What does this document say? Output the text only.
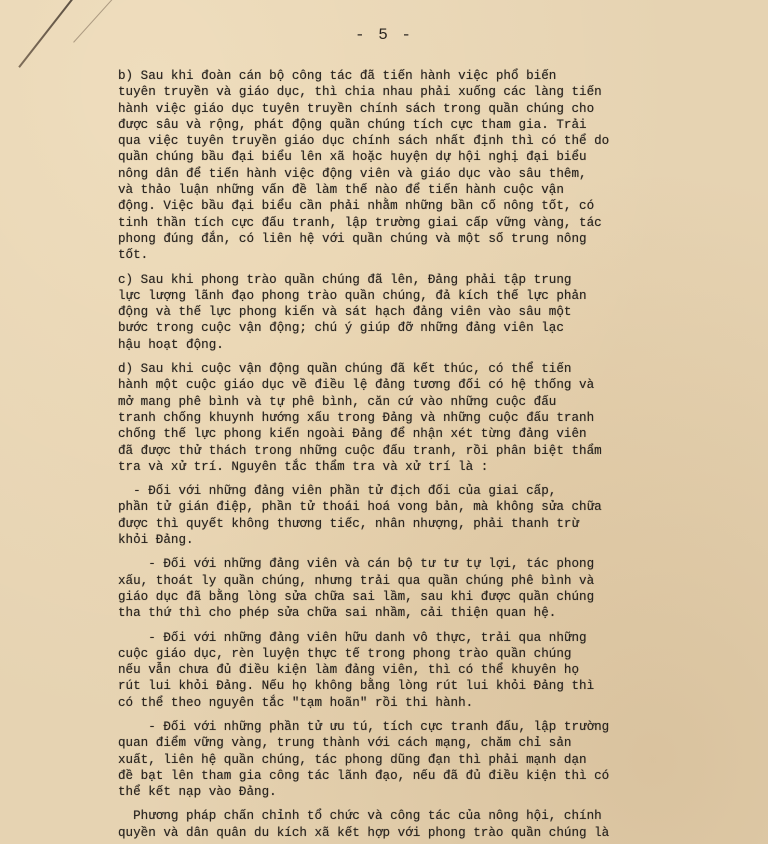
- 5 -
b) Sau khi đoàn cán bộ công tác đã tiến hành việc phổ biến
tuyên truyền và giáo dục, thì chia nhau phải xuống các làng tiến
hành việc giáo dục tuyên truyền chính sách trong quần chúng cho
được sâu và rộng, phát động quần chúng tích cực tham gia. Trải
qua việc tuyên truyền giáo dục chính sách nhất định thì có thể do
quần chúng bầu đại biểu lên xã hoặc huyện dự hội nghị đại biểu
nông dân để tiến hành việc động viên và giáo dục vào sâu thêm,
và thảo luận những vấn đề làm thế nào để tiến hành cuộc vận
động. Việc bầu đại biểu cần phải nhằm những bần cố nông tốt, có
tinh thần tích cực đấu tranh, lập trường giai cấp vững vàng, tác
phong đúng đắn, có liên hệ với quần chúng và một số trung nông
tốt.
c) Sau khi phong trào quần chúng đã lên, Đảng phải tập trung
lực lượng lãnh đạo phong trào quần chúng, đả kích thế lực phản
động và thế lực phong kiến và sát hạch đảng viên vào sâu một
bước trong cuộc vận động; chú ý giúp đỡ những đảng viên lạc
hậu hoạt động.
d) Sau khi cuộc vận động quần chúng đã kết thúc, có thể tiến
hành một cuộc giáo dục về điều lệ đảng tương đối có hệ thống và
mở mang phê bình và tự phê bình, căn cứ vào những cuộc đấu
tranh chống khuynh hướng xấu trong Đảng và những cuộc đấu tranh
chống thế lực phong kiến ngoài Đảng để nhận xét từng đảng viên
đã được thử thách trong những cuộc đấu tranh, rồi phân biệt thẩm
tra và xử trí. Nguyên tắc thẩm tra và xử trí là :
- Đối với những đảng viên phần tử địch đối của giai cấp,
phần tử gián điệp, phần tử thoái hoá vong bản, mà không sửa chữa
được thì quyết không thương tiếc, nhân nhượng, phải thanh trừ
khỏi Đảng.
- Đối với những đảng viên và cán bộ tư tư tự lợi, tác phong
xấu, thoát ly quần chúng, nhưng trải qua quần chúng phê bình và
giáo dục đã bằng lòng sửa chữa sai lầm, sau khi được quần chúng
tha thứ thì cho phép sửa chữa sai nhầm, cải thiện quan hệ.
- Đối với những đảng viên hữu danh vô thực, trải qua những
cuộc giáo dục, rèn luyện thực tế trong phong trào quần chúng
nếu vẫn chưa đủ điều kiện làm đảng viên, thì có thể khuyên họ
rút lui khỏi Đảng. Nếu họ không bằng lòng rút lui khỏi Đảng thì
có thể theo nguyên tắc "tạm hoãn" rồi thi hành.
- Đối với những phần tử ưu tú, tích cực tranh đấu, lập trường
quan điểm vững vàng, trung thành với cách mạng, chăm chỉ sản
xuất, liên hệ quần chúng, tác phong dũng đạn thì phải mạnh dạn
đề bạt lên tham gia công tác lãnh đạo, nếu đã đủ điều kiện thì có
thể kết nạp vào Đảng.
Phương pháp chấn chỉnh tổ chức và công tác của nông hội, chính
quyền và dân quân du kích xã kết hợp với phong trào quần chúng là
